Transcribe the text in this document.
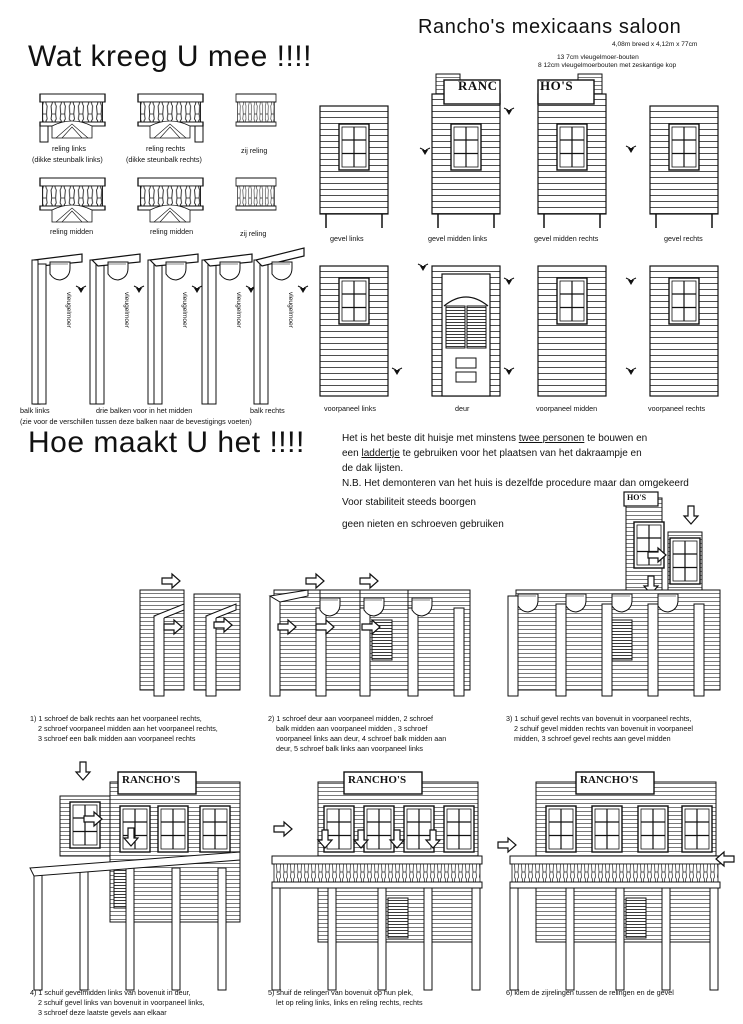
Rancho's mexicaans saloon
4,08m breed x 4,12m x 77cm
13 7cm vleugelmoer-bouten
8 12cm vleugelmoerbouten met zeskantige kop
Wat kreeg U mee !!!!
reling links
(dikke steunbalk links)
reling rechts
(dikke steunbalk rechts)
zij reling
reling midden	reling midden	zij reling
vleugelmoer	vleugelmoer	vleugelmoer	vleugelmoer	vleugelmoer
balk links	drie balken voor in het midden	balk rechts
(zie voor de verschillen tussen deze balken naar de bevestigings voeten)
RANC	HO'S
gevel links	gevel midden links	gevel midden rechts	gevel rechts
voorpaneel links	deur	voorpaneel midden	voorpaneel rechts
Hoe maakt U het !!!!	Het is het beste dit huisje met minstens twee personen te bouwen en
een laddertje te gebruiken voor het plaatsen van het dakraampje en
de dak lijsten.
N.B. Het demonteren van het huis is dezelfde procedure maar dan omgekeerd
Voor stabiliteit steeds boorgen
geen nieten en schroeven gebruiken
HO'S
RANCHO'S	RANCHO'S	RANCHO'S
1) 1 schroef de balk rechts aan het voorpaneel rechts,
2 schroef voorpaneel midden aan het voorpaneel rechts,
3 schroef een balk midden aan voorpaneel rechts
2) 1 schroef deur aan voorpaneel midden, 2 schroef
balk midden aan voorpaneel midden , 3 schroef
voorpaneel links aan deur, 4 schroef balk midden aan
deur, 5 schroef balk links aan voorpaneel links
3) 1 schuif gevel rechts van bovenuit in voorpaneel rechts,
2 schuif gevel midden rechts van bovenuit in voorpaneel
midden, 3 schroef gevel rechts aan gevel midden
4) 1 schuif gevelmidden links van bovenuit in deur,
2 schuif gevel links van bovenuit in voorpaneel links,
3 schroef deze laatste gevels aan elkaar
5) shuif de relingen van bovenuit op hun plek,
let op reling links, links en reling rechts, rechts
6) klem de zijrelingen tussen de relingen en de gevel
